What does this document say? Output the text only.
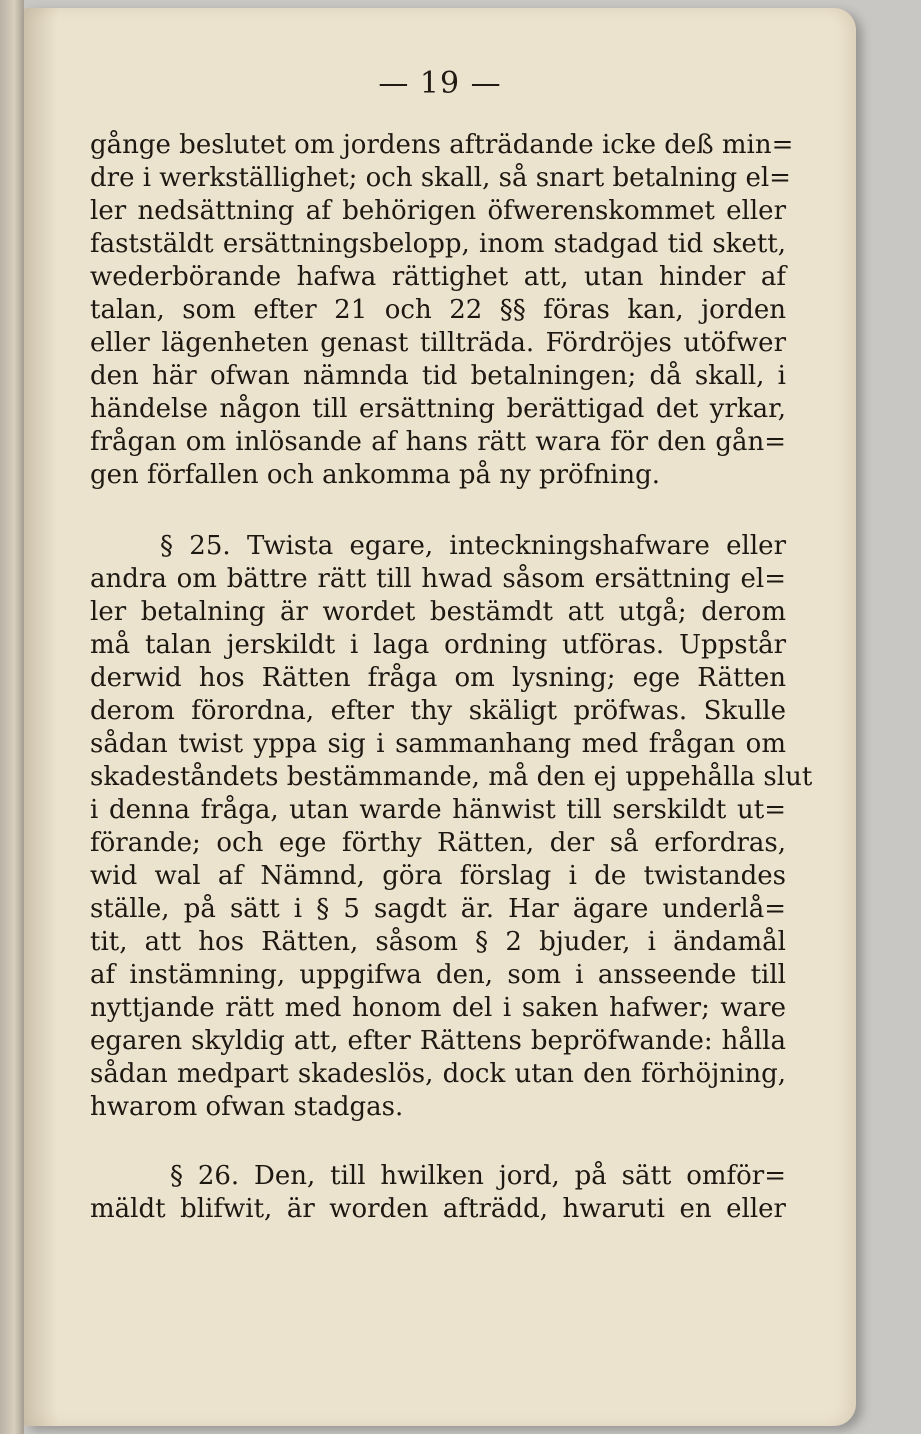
— 19 —
gånge beslutet om jordens afträdande icke deß min=
dre i werkställighet; och skall, så snart betalning el=
ler nedsättning af behörigen öfwerenskommet eller
faststäldt ersättningsbelopp, inom stadgad tid skett,
wederbörande hafwa rättighet att, utan hinder af
talan, som efter 21 och 22 §§ föras kan, jorden
eller lägenheten genast tillträda. Fördröjes utöfwer
den här ofwan nämnda tid betalningen; då skall, i
händelse någon till ersättning berättigad det yrkar,
frågan om inlösande af hans rätt wara för den gån=
gen förfallen och ankomma på ny pröfning.
§ 25. Twista egare, inteckningshafware eller
andra om bättre rätt till hwad såsom ersättning el=
ler betalning är wordet bestämdt att utgå; derom
må talan jerskildt i laga ordning utföras. Uppstår
derwid hos Rätten fråga om lysning; ege Rätten
derom förordna, efter thy skäligt pröfwas. Skulle
sådan twist yppa sig i sammanhang med frågan om
skadeståndets bestämmande, må den ej uppehålla slut
i denna fråga, utan warde hänwist till serskildt ut=
förande; och ege förthy Rätten, der så erfordras,
wid wal af Nämnd, göra förslag i de twistandes
ställe, på sätt i § 5 sagdt är. Har ägare underlå=
tit, att hos Rätten, såsom § 2 bjuder, i ändamål
af instämning, uppgifwa den, som i ansseende till
nyttjande rätt med honom del i saken hafwer; ware
egaren skyldig att, efter Rättens bepröfwande: hålla
sådan medpart skadeslös, dock utan den förhöjning,
hwarom ofwan stadgas.
§ 26. Den, till hwilken jord, på sätt omför=
mäldt blifwit, är worden afträdd, hwaruti en eller
